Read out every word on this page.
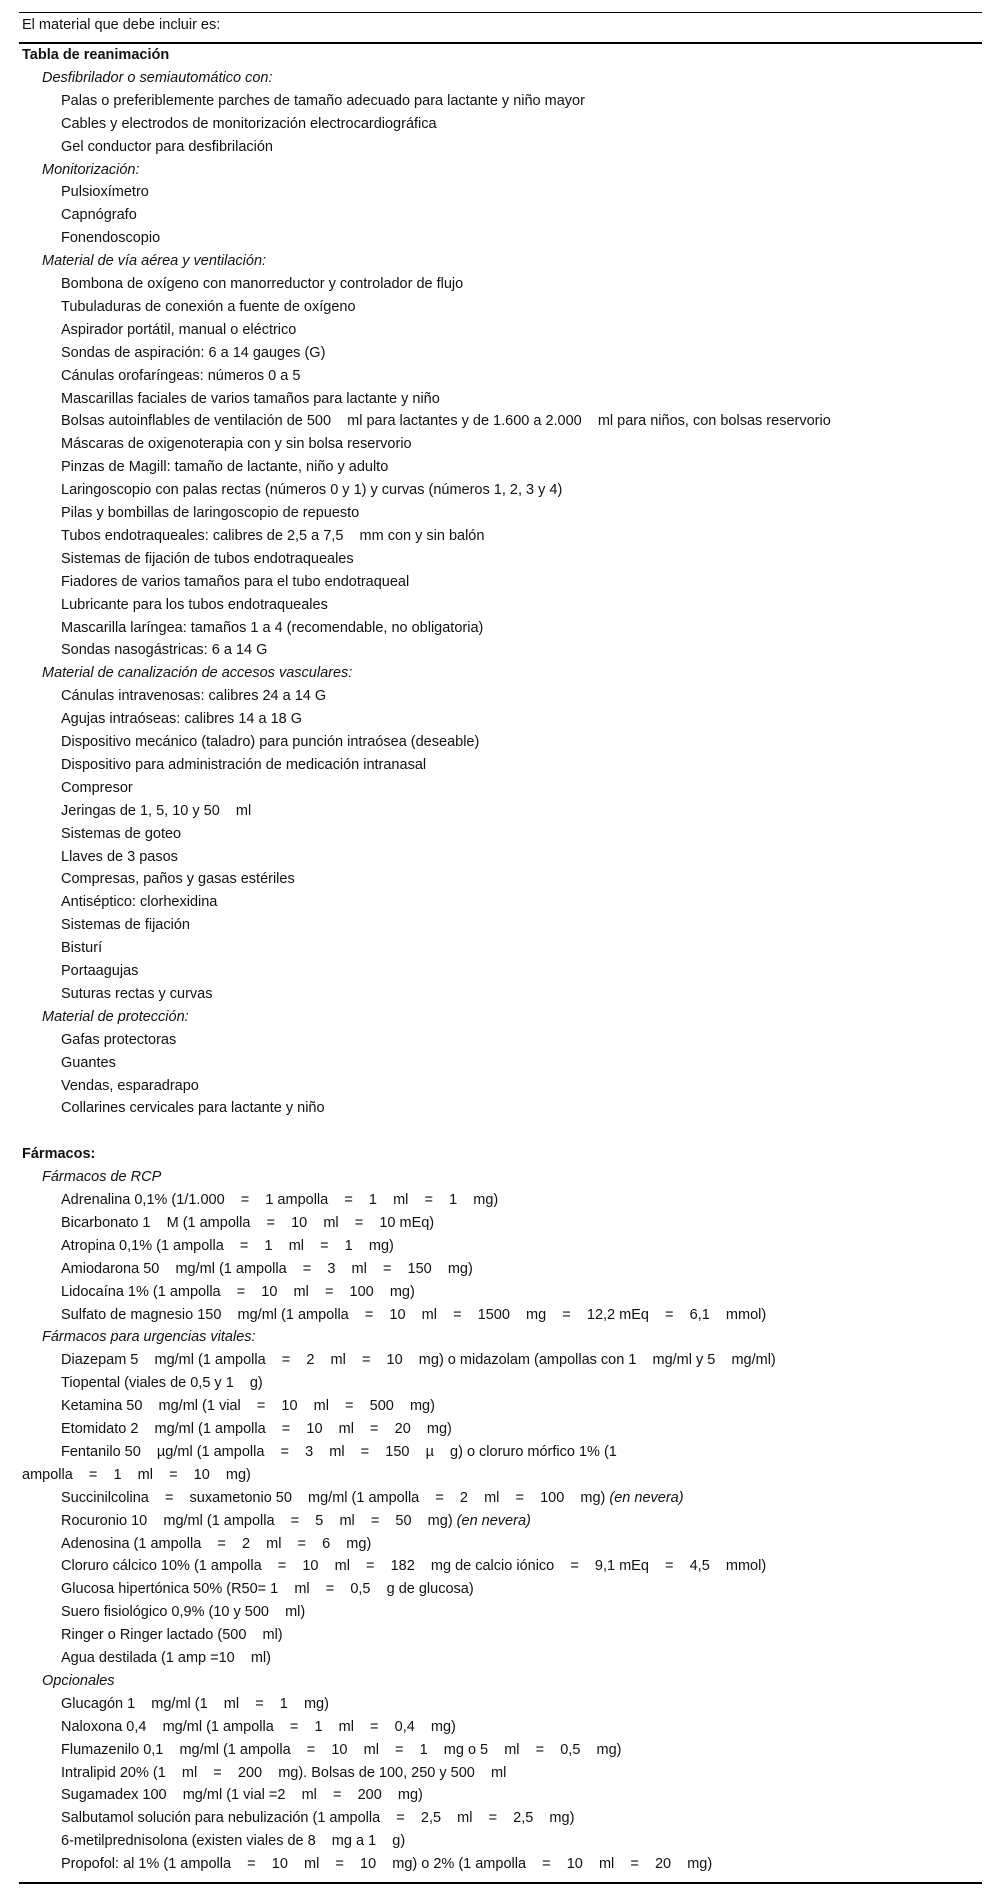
El material que debe incluir es:
Tabla de reanimación
Desfibrilador o semiautomático con:
Palas o preferiblemente parches de tamaño adecuado para lactante y niño mayor
Cables y electrodos de monitorización electrocardiográfica
Gel conductor para desfibrilación
Monitorización:
Pulsioxímetro
Capnógrafo
Fonendoscopio
Material de vía aérea y ventilación:
Bombona de oxígeno con manorreductor y controlador de flujo
Tubuladuras de conexión a fuente de oxígeno
Aspirador portátil, manual o eléctrico
Sondas de aspiración: 6 a 14 gauges (G)
Cánulas orofaríngeas: números 0 a 5
Mascarillas faciales de varios tamaños para lactante y niño
Bolsas autoinflables de ventilación de 500    ml para lactantes y de 1.600 a 2.000    ml para niños, con bolsas reservorio
Máscaras de oxigenoterapia con y sin bolsa reservorio
Pinzas de Magill: tamaño de lactante, niño y adulto
Laringoscopio con palas rectas (números 0 y 1) y curvas (números 1, 2, 3 y 4)
Pilas y bombillas de laringoscopio de repuesto
Tubos endotraqueales: calibres de 2,5 a 7,5    mm con y sin balón
Sistemas de fijación de tubos endotraqueales
Fiadores de varios tamaños para el tubo endotraqueal
Lubricante para los tubos endotraqueales
Mascarilla laríngea: tamaños 1 a 4 (recomendable, no obligatoria)
Sondas nasogástricas: 6 a 14 G
Material de canalización de accesos vasculares:
Cánulas intravenosas: calibres 24 a 14 G
Agujas intraóseas: calibres 14 a 18 G
Dispositivo mecánico (taladro) para punción intraósea (deseable)
Dispositivo para administración de medicación intranasal
Compresor
Jeringas de 1, 5, 10 y 50    ml
Sistemas de goteo
Llaves de 3 pasos
Compresas, paños y gasas estériles
Antiséptico: clorhexidina
Sistemas de fijación
Bisturí
Portaagujas
Suturas rectas y curvas
Material de protección:
Gafas protectoras
Guantes
Vendas, esparadrapo
Collarines cervicales para lactante y niño
Fármacos:
Fármacos de RCP
Adrenalina 0,1% (1/1.000    =    1 ampolla    =    1    ml    =    1    mg)
Bicarbonato 1    M (1 ampolla    =    10    ml    =    10 mEq)
Atropina 0,1% (1 ampolla    =    1    ml    =    1    mg)
Amiodarona 50    mg/ml (1 ampolla    =    3    ml    =    150    mg)
Lidocaína 1% (1 ampolla    =    10    ml    =    100    mg)
Sulfato de magnesio 150    mg/ml (1 ampolla    =    10    ml    =    1500    mg    =    12,2 mEq    =    6,1    mmol)
Fármacos para urgencias vitales:
Diazepam 5    mg/ml (1 ampolla    =    2    ml    =    10    mg) o midazolam (ampollas con 1    mg/ml y 5    mg/ml)
Tiopental (viales de 0,5 y 1    g)
Ketamina 50    mg/ml (1 vial    =    10    ml    =    500    mg)
Etomidato 2    mg/ml (1 ampolla    =    10    ml    =    20    mg)
Fentanilo 50    µg/ml (1 ampolla    =    3    ml    =    150    µ    g) o cloruro mórfico 1% (1
ampolla    =    1    ml    =    10    mg)
Succinilcolina    =    suxametonio 50    mg/ml (1 ampolla    =    2    ml    =    100    mg) (en nevera)
Rocuronio 10    mg/ml (1 ampolla    =    5    ml    =    50    mg) (en nevera)
Adenosina (1 ampolla    =    2    ml    =    6    mg)
Cloruro cálcico 10% (1 ampolla    =    10    ml    =    182    mg de calcio iónico    =    9,1 mEq    =    4,5    mmol)
Glucosa hipertónica 50% (R50= 1    ml    =    0,5    g de glucosa)
Suero fisiológico 0,9% (10 y 500    ml)
Ringer o Ringer lactado (500    ml)
Agua destilada (1 amp =10    ml)
Opcionales
Glucagón 1    mg/ml (1    ml    =    1    mg)
Naloxona 0,4    mg/ml (1 ampolla    =    1    ml    =    0,4    mg)
Flumazenilo 0,1    mg/ml (1 ampolla    =    10    ml    =    1    mg o 5    ml    =    0,5    mg)
Intralipid 20% (1    ml    =    200    mg). Bolsas de 100, 250 y 500    ml
Sugamadex 100    mg/ml (1 vial =2    ml    =    200    mg)
Salbutamol solución para nebulización (1 ampolla    =    2,5    ml    =    2,5    mg)
6-metilprednisolona (existen viales de 8    mg a 1    g)
Propofol: al 1% (1 ampolla    =    10    ml    =    10    mg) o 2% (1 ampolla    =    10    ml    =    20    mg)
